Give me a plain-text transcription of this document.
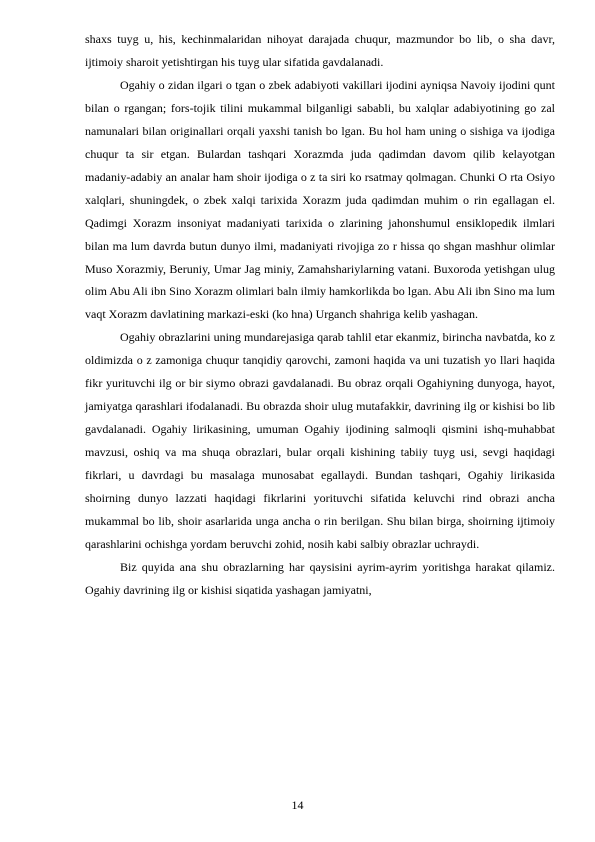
shaxs tuyg u, his, kechinmalaridan nihoyat darajada chuqur, mazmundor bo lib, o sha davr, ijtimoiy sharoit yetishtirgan his tuyg ular sifatida gavdalanadi.

Ogahiy o zidan ilgari o tgan o zbek adabiyoti vakillari ijodini ayniqsa Navoiy ijodini qunt bilan o rgangan; fors-tojik tilini mukammal bilganligi sababli, bu xalqlar adabiyotining go zal namunalari bilan originallari orqali yaxshi tanish bo lgan. Bu hol ham uning o sishiga va ijodiga chuqur ta sir etgan. Bulardan tashqari Xorazmda juda qadimdan davom qilib kelayotgan madaniy-adabiy an analar ham shoir ijodiga o z ta siri ko rsatmay qolmagan. Chunki O rta Osiyo xalqlari, shuningdek, o zbek xalqi tarixida Xorazm juda qadimdan muhim o rin egallagan el. Qadimgi Xorazm insoniyat madaniyati tarixida o zlarining jahonshumul ensiklopedik ilmlari bilan ma lum davrda butun dunyo ilmi, madaniyati rivojiga zo r hissa qo shgan mashhur olimlar Muso Xorazmiy, Beruniy, Umar Jag miniy, Zamahshariylarning vatani. Buxoroda yetishgan ulug olim Abu Ali ibn Sino Xorazm olimlari baln ilmiy hamkorlikda bo lgan. Abu Ali ibn Sino ma lum vaqt Xorazm davlatining markazi-eski (ko hna) Urganch shahriga kelib yashagan.

Ogahiy obrazlarini uning mundarejasiga qarab tahlil etar ekanmiz, birincha navbatda, ko z oldimizda o z zamoniga chuqur tanqidiy qarovchi, zamoni haqida va uni tuzatish yo llari haqida fikr yurituvchi ilg or bir siymo obrazi gavdalanadi. Bu obraz orqali Ogahiyning dunyoga, hayot, jamiyatga qarashlari ifodalanadi. Bu obrazda shoir ulug mutafakkir, davrining ilg or kishisi bo lib gavdalanadi. Ogahiy lirikasining, umuman Ogahiy ijodining salmoqli qismini ishq-muhabbat mavzusi, oshiq va ma shuqa obrazlari, bular orqali kishining tabiiy tuyg usi, sevgi haqidagi fikrlari, u davrdagi bu masalaga munosabat egallaydi. Bundan tashqari, Ogahiy lirikasida shoirning dunyo lazzati haqidagi fikrlarini yorituvchi sifatida keluvchi rind obrazi ancha mukammal bo lib, shoir asarlarida unga ancha o rin berilgan. Shu bilan birga, shoirning ijtimoiy qarashlarini ochishga yordam beruvchi zohid, nosih kabi salbiy obrazlar uchraydi.

Biz quyida ana shu obrazlarning har qaysisini ayrim-ayrim yoritishga harakat qilamiz. Ogahiy davrining ilg or kishisi siqatida yashagan jamiyatni,

14
